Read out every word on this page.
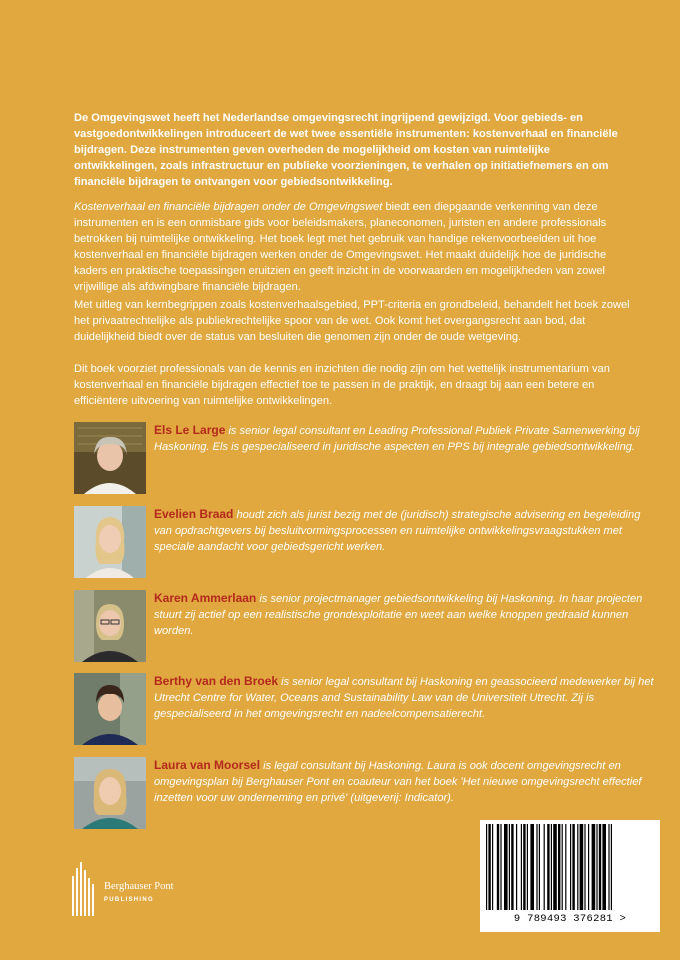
De Omgevingswet heeft het Nederlandse omgevingsrecht ingrijpend gewijzigd. Voor gebieds- en vastgoedontwikkelingen introduceert de wet twee essentiële instrumenten: kostenverhaal en financiële bijdragen. Deze instrumenten geven overheden de mogelijkheid om kosten van ruimtelijke ontwikkelingen, zoals infrastructuur en publieke voorzieningen, te verhalen op initiatiefnemers en om financiële bijdragen te ontvangen voor gebiedsontwikkeling.

Kostenverhaal en financiële bijdragen onder de Omgevingswet biedt een diepgaande verkenning van deze instrumenten en is een onmisbare gids voor beleidsmakers, planeconomen, juristen en andere professionals betrokken bij ruimtelijke ontwikkeling. Het boek legt met het gebruik van handige rekenvoorbeelden uit hoe kostenverhaal en financiële bijdragen werken onder de Omgevingswet. Het maakt duidelijk hoe de juridische kaders en praktische toepassingen eruitzien en geeft inzicht in de voorwaarden en mogelijkheden van zowel vrijwillige als afdwingbare financiële bijdragen.

Met uitleg van kernbegrippen zoals kostenverhaalsgebied, PPT-criteria en grondbeleid, behandelt het boek zowel het privaatrechtelijke als publiekrechtelijke spoor van de wet. Ook komt het overgangsrecht aan bod, dat duidelijkheid biedt over de status van besluiten die genomen zijn onder de oude wetgeving.

Dit boek voorziet professionals van de kennis en inzichten die nodig zijn om het wettelijk instrumentarium van kostenverhaal en financiële bijdragen effectief toe te passen in de praktijk, en draagt bij aan een betere en efficiëntere uitvoering van ruimtelijke ontwikkelingen.

Els Le Large is senior legal consultant en Leading Professional Publiek Private Samenwerking bij Haskoning. Els is gespecialiseerd in juridische aspecten en PPS bij integrale gebiedsontwikkeling.

Evelien Braad houdt zich als jurist bezig met de (juridisch) strategische advisering en begeleiding van opdrachtgevers bij besluitvormingsprocessen en ruimtelijke ontwikkelingsvraagstukken met speciale aandacht voor gebiedsgericht werken.

Karen Ammerlaan is senior projectmanager gebiedsontwikkeling bij Haskoning. In haar projecten stuurt zij actief op een realistische grondexploitatie en weet aan welke knoppen gedraaid kunnen worden.

Berthy van den Broek is senior legal consultant bij Haskoning en geassocieerd medewerker bij het Utrecht Centre for Water, Oceans and Sustainability Law van de Universiteit Utrecht. Zij is gespecialiseerd in het omgevingsrecht en nadeelcompensatierecht.

Laura van Moorsel is legal consultant bij Haskoning. Laura is ook docent omgevingsrecht en omgevingsplan bij Berghauser Pont en coauteur van het boek 'Het nieuwe omgevingsrecht effectief inzetten voor uw onderneming en privé' (uitgeverij: Indicator).

Berghauser Pont
PUBLISHING
9 789493 376281 >
